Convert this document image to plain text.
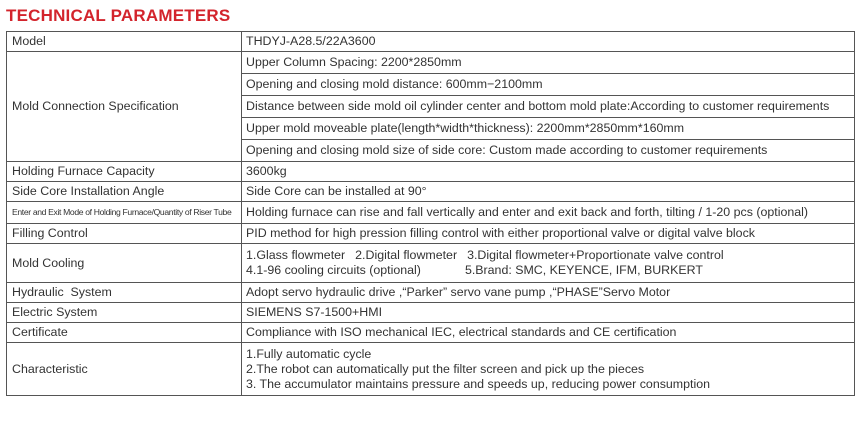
TECHNICAL PARAMETERS
Model	THDYJ-A28.5/22A3600
Mold Connection Specification	Upper Column Spacing: 2200*2850mm
	Opening and closing mold distance: 600mm−2100mm
	Distance between side mold oil cylinder center and bottom mold plate:According to customer requirements
	Upper mold moveable plate(length*width*thickness): 2200mm*2850mm*160mm
	Opening and closing mold size of side core: Custom made according to customer requirements
Holding Furnace Capacity	3600kg
Side Core Installation Angle	Side Core can be installed at 90°
Enter and Exit Mode of Holding Furnace/Quantity of Riser Tube	Holding furnace can rise and fall vertically and enter and exit back and forth, tilting / 1-20 pcs (optional)
Filling Control	PID method for high pression filling control with either proportional valve or digital valve block
Mold Cooling	1.Glass flowmeter 2.Digital flowmeter 3.Digital flowmeter+Proportionate valve control
4.1-96 cooling circuits (optional) 5.Brand: SMC, KEYENCE, IFM, BURKERT

Hydraulic  System	Adopt servo hydraulic drive ,“Parker” servo vane pump ,“PHASE”Servo Motor
Electric System	SIEMENS S7-1500+HMI
Certificate	Compliance with ISO mechanical IEC, electrical standards and CE certification
Characteristic	1.Fully automatic cycle
2.The robot can automatically put the filter screen and pick up the pieces
3. The accumulator maintains pressure and speeds up, reducing power consumption
